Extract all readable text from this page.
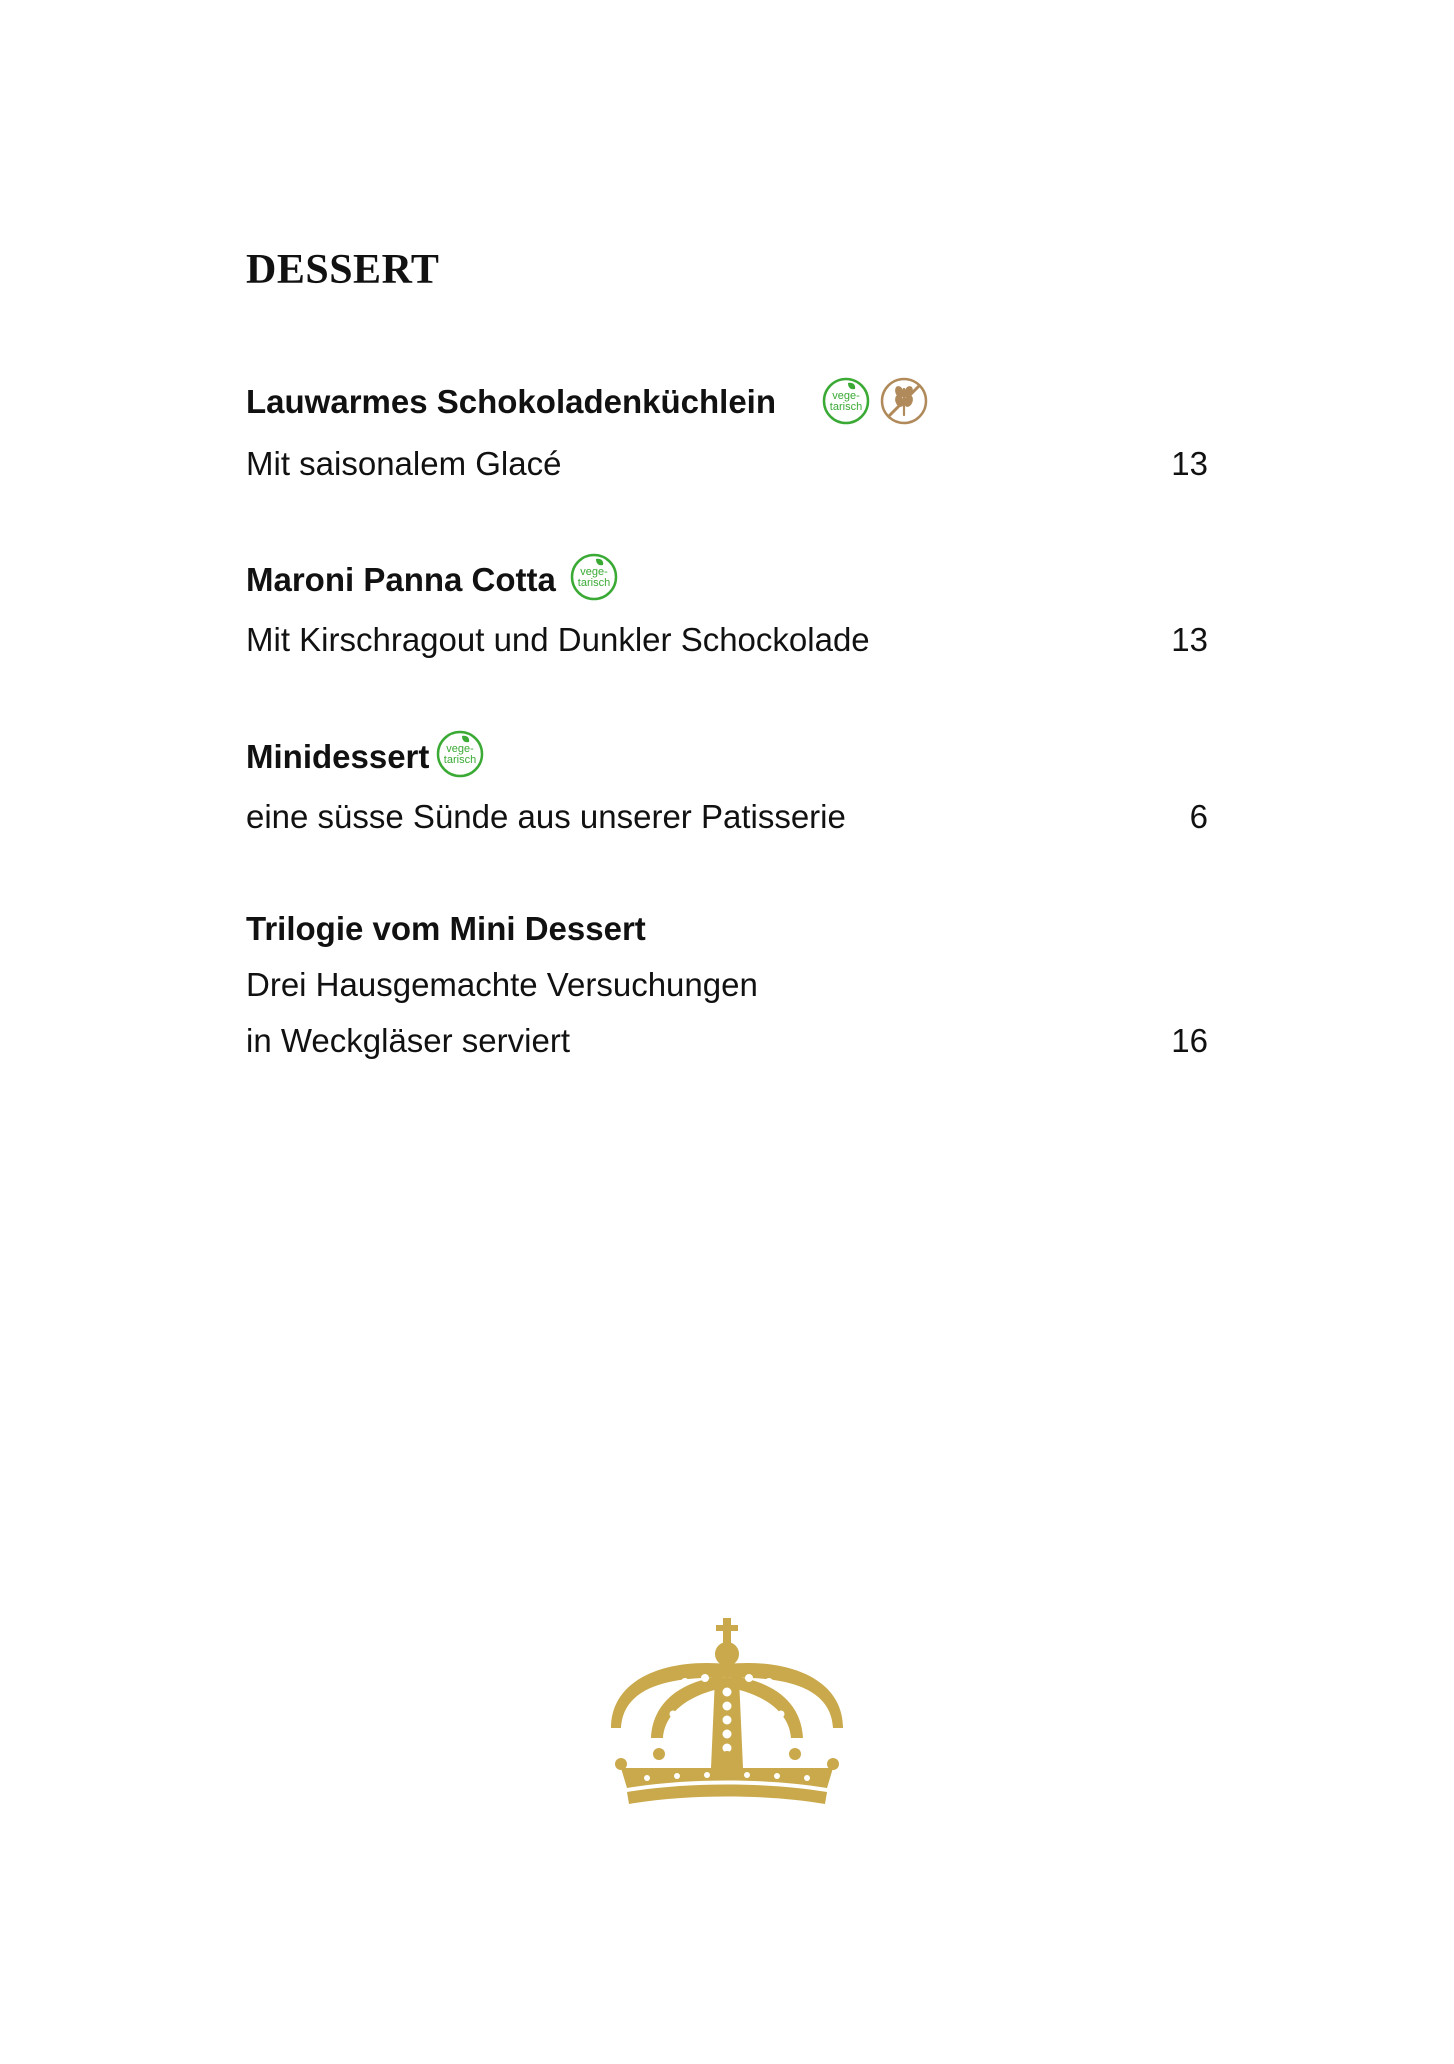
DESSERT
Lauwarmes Schokoladenküchlein	vege-
tarisch
Mit saisonalem Glacé	13
Maroni Panna Cotta vege-
tarisch
Mit Kirschragout und Dunkler Schockolade	13
Minidessert vege-
tarisch
eine süsse Sünde aus unserer Patisserie	6
Trilogie vom Mini Dessert
Drei Hausgemachte Versuchungen
in Weckgläser serviert	16
